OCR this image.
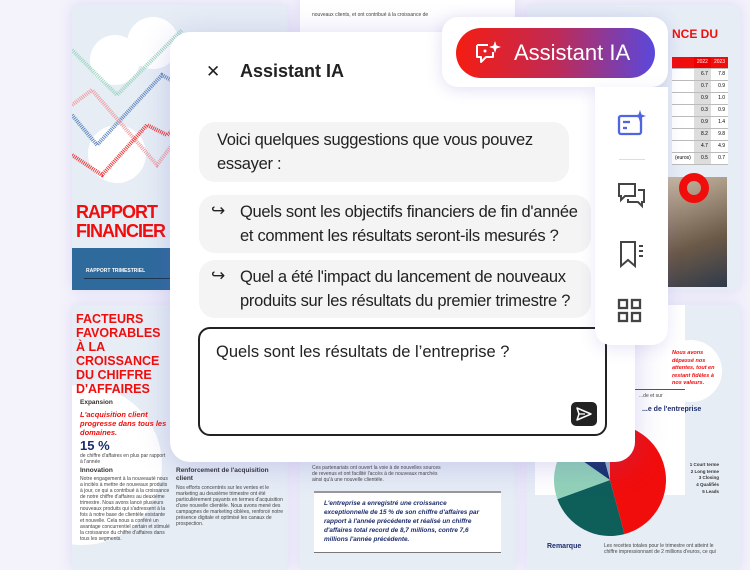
RAPPORT
FINANCIER
RAPPORT TRIMESTRIEL
nouveaux clients, et ont contribué à la croissance de
NCE DU
	2022	2023
	6.7	7.8
	0.7	0.9
	0.9	1.0
	0.3	0.9
	0.9	1.4
	8.2	9.8
	4.7	4.9
(euros)	0.5	0.7
FACTEURS FAVORABLES À LA CROISSANCE DU CHIFFRE D'AFFAIRES
Expansion
L'acquisition client progresse dans tous les domaines.
15 %
de chiffre d'affaires en plus par rapport à l'année
Innovation
Notre engagement à la nouveauté nous a incités à mettre de nouveaux produits à jour, ce qui a contribué à la croissance de notre chiffre d'affaires au deuxième trimestre. Nous avons lancé plusieurs nouveaux produits qui s'adressent à la fois à notre base de clientèle existante et nouvelle. Cela nous a conféré un avantage concurrentiel certain et stimulé la croissance du chiffre d'affaires dans tous les segments.
Renforcement de l'acquisition client
Nos efforts concentrés sur les ventes et le marketing au deuxième trimestre ont été particulièrement payants en termes d'acquisition d'une nouvelle clientèle. Nous avons mené des campagnes de marketing ciblées, renforcé notre présence digitale et optimisé les canaux de prospection.
Ces partenariats ont ouvert la voie à de nouvelles sources de revenus et ont facilité l'accès à de nouveaux marchés ainsi qu'à une nouvelle clientèle.
L'entreprise a enregistré une croissance exceptionnelle de 15 % de son chiffre d'affaires par rapport à l'année précédente et réalisé un chiffre d'affaires total record de 8,7 millions, contre 7,6 millions l'année précédente.
Nous avons dépassé nos attentes, tout en restant fidèles à nos valeurs.
...de et sur
...e de l'entreprise
1 Court terme
2 Long terme
3 Closing
4 Qualifiés
5 Leads
Remarque	Les recettes totales pour le trimestre ont atteint le chiffre impressionnant de 2 millions d'euros, ce qui
✕ Assistant IA
Voici quelques suggestions que vous pouvez essayer :
↪ Quels sont les objectifs financiers de fin d'année et comment les résultats seront-ils mesurés ?
↪ Quel a été l'impact du lancement de nouveaux produits sur les résultats du premier trimestre ?
Quels sont les résultats de l’entreprise ?
Assistant IA
